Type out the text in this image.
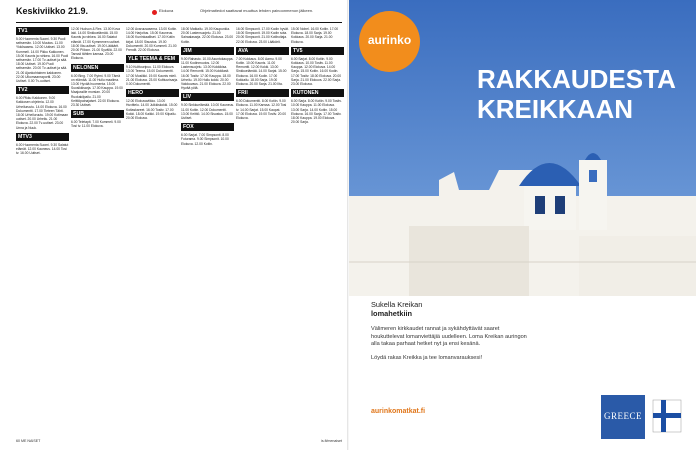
Keskiviikko 21.9.	Elokuva	Ohjelmatiedot saattavat muuttua lehden painoonmenon jälkeen.
TV1
5.00 Huomenta Suomi. 9.30 Puoli seitsemän. 10.00 Muutos. 11.00 Ykkösaamu. 12.00 Uutiset. 13.00 Kummeli. 14.00 Pikku Kakkonen. 15.00 Kaunis ja rohkea. 16.00 Puoli seitsemän. 17.00 Tv-uutiset ja sää. 18.00 Uutiset. 19.00 Puoli seitsemän. 20.00 Tv-uutiset ja sää. 21.00 Ajankohtainen kakkonen. 22.00 Ulkomaanraportti. 23.00 Uutiset. 0.00 Tv-uutiset.
TV2
6.00 Pikku Kakkonen. 9.00 Kakkosen ohjelmia. 12.00 Urheiluruutu. 14.00 Elokuva. 16.00 Dokumentti. 17.00 Tieteen Tähti. 18.00 Urheiluruutu. 19.00 Kotimaan uutiset. 20.00 Urheilu. 21.00 Elokuva. 22.00 Tv-uutiset. 23.00 Unna ja Nuuk.
MTV3
6.00 Huomenta Suomi. 9.30 Salatut elämät. 12.00 Kauneus. 14.00 Tosi tv. 16.00 Uutiset.
12.00 Hudson & Rex. 13.00 Kova laki. 14.00 Sinkkuelämää. 15.00 Kaunis ja rohkea. 16.00 Salatut elämät. 17.00 Kymmenen uutiset. 18.00 Ilta-uutiset. 19.00 Lääkärit. 20.00 Piiloon. 21.00 Syvällä. 22.00 Tanssii tähtien kanssa. 23.00 Elokuva.
NELONEN
6.00 Bing. 7.00 Rytmi. 9.00 Tämä on elämää. 11.00 Hullu maailma. 13.00 Hyvää huomenta. 15.00 Suosikkisarja. 17.00 Kauppa. 19.00 Maajussille morsian. 20.00 Ruokakilpailu. 21.00 Keittiöpainajaiset. 22.00 Elokuva. 23.30 Uutiset.
SUB
6.00 Teletapit. 7.00 Kummeli. 9.00 Tosi tv. 11.00 Elokuva.
12.00 Avaruusasema. 13.00 Kotiin. 14.00 Harjoitus. 15.00 Kauneus. 16.00 Kuninkaalliset. 17.00 Kotiin kirjat. 18.00 Sisustus. 19.00 Dokumentti. 20.00 Kummeli. 21.00 Frendit. 22.00 Elokuva.
YLE TEEMA & FEM
9.10 Kulttuuripuu. 11.00 Elokuva. 13.00 Teema. 15.00 Dokumentti. 17.00 Musiikki. 19.00 Kaunis mieli. 21.00 Elokuva. 23.00 Kulttuurisarja. 0.00 Dokumentti.
HERO
12.00 Elokuvaviikko. 13.00 Huvittelu. 14.00 Julkkiskokki. 15.00 Kotiaskareet. 16.00 Tositv. 17.00 Kokki. 18.00 Kaikki. 19.00 Kilpailu. 20.00 Elokuva.
18.00 Matkailu. 19.00 Kaupunkia. 20.00 Lastensuojelu. 21.00 Sairaalasarja. 22.00 Elokuva. 23.00 Kotiin.
JIM
9.00 Rahasto. 10.00 Asuntokauppa. 11.00 Kodinmuutos. 12.00 Lastensuojelu. 13.00 Kokkikisa. 14.00 Remontti. 15.00 Kokkilasit. 16.00 Tositv. 17.00 Kauppa. 18.00 Urheilu. 19.00 Hullu kokki. 20.00 Valokuvaus. 21.00 Elokuva. 22.00 Hyvää yötä.
LIV
9.00 Sinkkuelämää. 10.00 Kauneus. 11.00 Kotiin. 12.00 Dokumentti. 13.00 Keittiö. 14.00 Sisustus. 15.00 Uutiset.
FOX
6.00 Sarjat. 7.00 Simpsonit. 8.00 Futurama. 9.00 Simpsonit. 10.00 Elokuva. 12.00 Kotiin.
16.00 Simpsonit. 17.00 Kodin hyvät. 18.00 Simpsonit. 19.00 Kodin sota. 20.00 Simpsonit. 21.00 Kotihoitaja. 22.00 Elokuva. 23.00 Lääkärit.
AVA
7.00 Kokkaus. 8.00 Aamu. 9.00 Kotiin. 10.00 Kaunis. 11.00 Remontti. 12.00 Kokki. 13.00 Sinkkuelämää. 14.00 Sarjat. 15.00 Elokuva. 16.00 Kodin. 17.00 Kokkailu. 18.00 Sarja. 19.00 Elokuva. 20.00 Sarja. 21.00 Ilta.
FRII
6.00 Dokumentti. 8.00 Kotiin. 9.00 Elokuva. 11.00 Kanssa. 12.00 Tosi tv. 14.00 Sarjat. 15.00 Kaupat. 17.00 Elokuva. 19.00 Tositv. 20.00 Elokuva.
15.00 Nobel. 16.00 Kotiin. 17.00 Elokuva. 18.00 Sarja. 19.00 Kokkaus. 20.00 Sarja. 21.00 Elokuva.
TV5
6.00 Sarjat. 8.00 Kotiin. 9.00 Kokkaus. 10.00 Tositv. 11.00 Kauppa. 12.00 Elokuva. 14.00 Sarja. 15.00 Kotiin. 16.00 Kodin. 17.00 Tositv. 18.00 Elokuva. 20.00 Sarja. 21.00 Elokuva. 22.00 Sarja. 23.00 Elokuva.
KUTONEN
6.00 Sarja. 8.00 Kotiin. 9.00 Tositv. 10.00 Kauppa. 11.00 Elokuva. 13.00 Sarja. 14.00 Kotiin. 15.00 Elokuva. 16.00 Sarja. 17.00 Tositv. 18.00 Kauppa. 19.00 Elokuva. 20.00 Sarja.
60 ME NAISET	is.fi/menaiset
aurinko
RAKKAUDESTA KREIKKAAN
Sukella Kreikan
lomahetkiin
Välimeren kirkkaudet rannat ja sykähdyttävät saaret houkuttelevat lomanviettäjiä uudelleen. Loma Kreikan auringon alla takaa parhaat hetket nyt ja ensi kesänä.
Löydä rakas Kreikka ja tee lomanvarauksesi!
aurinkomatkat.fi	GREECE
